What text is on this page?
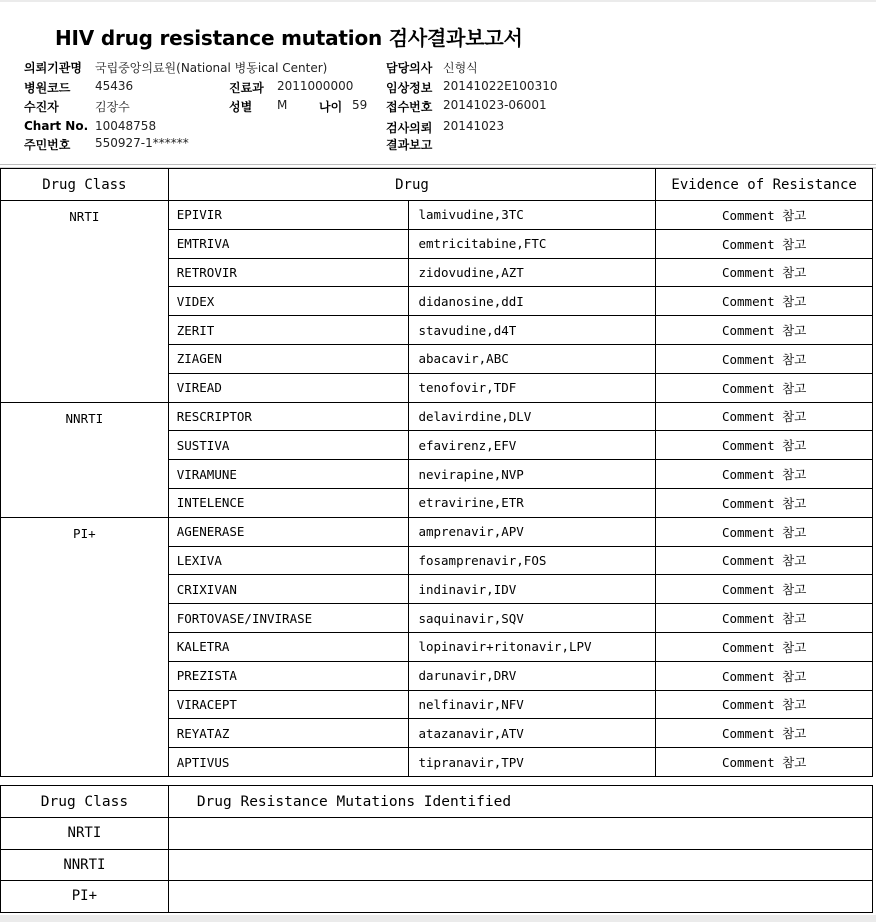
HIV drug resistance mutation 검사결과보고서
의뢰기관명 국립중앙의료원(National 병동ical Center)	담당의사 신형식
병원코드 45436	진료과 2011000000	임상정보 20141022E100310
수진자	김장수	성별 M	나이 59 접수번호 20141023-06001
Chart No. 10048758	검사의뢰 20141023
주민번호 550927-1******	결과보고
Drug Class	Drug		Evidence of Resistance
NRTI	EPIVIR	lamivudine,3TC	Comment 참고
	EMTRIVA	emtricitabine,FTC	Comment 참고
	RETROVIR	zidovudine,AZT	Comment 참고
	VIDEX	didanosine,ddI	Comment 참고
	ZERIT	stavudine,d4T	Comment 참고
	ZIAGEN	abacavir,ABC	Comment 참고
	VIREAD	tenofovir,TDF	Comment 참고
NNRTI	RESCRIPTOR	delavirdine,DLV	Comment 참고
	SUSTIVA	efavirenz,EFV	Comment 참고
	VIRAMUNE	nevirapine,NVP	Comment 참고
	INTELENCE	etravirine,ETR	Comment 참고
PI+	AGENERASE	amprenavir,APV	Comment 참고
	LEXIVA	fosamprenavir,FOS	Comment 참고
	CRIXIVAN	indinavir,IDV	Comment 참고
	FORTOVASE/INVIRASE	saquinavir,SQV	Comment 참고
	KALETRA	lopinavir+ritonavir,LPV	Comment 참고
	PREZISTA	darunavir,DRV	Comment 참고
	VIRACEPT	nelfinavir,NFV	Comment 참고
	REYATAZ	atazanavir,ATV	Comment 참고
	APTIVUS	tipranavir,TPV	Comment 참고
Drug Class	Drug Resistance Mutations Identified
NRTI	
NNRTI	
PI+	
